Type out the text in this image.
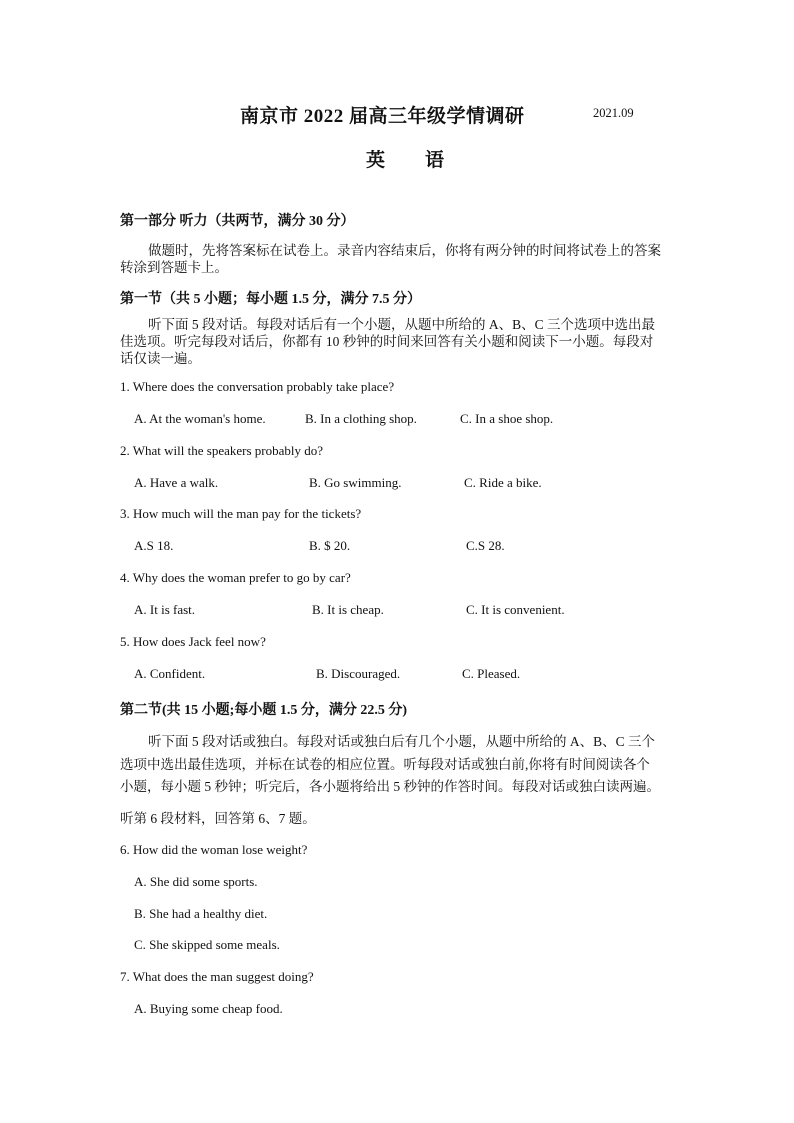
南京市 2022 届高三年级学情调研	2021.09
英 语
第一部分 听力（共两节，满分 30 分）
做题时，先将答案标在试卷上。录音内容结束后，你将有两分钟的时间将试卷上的答案
转涂到答题卡上。
第一节（共 5 小题；每小题 1.5 分，满分 7.5 分）
听下面 5 段对话。每段对话后有一个小题，从题中所给的 A、B、C 三个选项中选出最
佳选项。听完每段对话后，你都有 10 秒钟的时间来回答有关小题和阅读下一小题。每段对
话仅读一遍。
1. Where does the conversation probably take place?
A. At the woman's home.	B. In a clothing shop.	C. In a shoe shop.
2. What will the speakers probably do?
A. Have a walk.	B. Go swimming.	C. Ride a bike.
3. How much will the man pay for the tickets?
A.S 18.	B. $ 20.	C.S 28.
4. Why does the woman prefer to go by car?
A. It is fast.	B. It is cheap.	C. It is convenient.
5. How does Jack feel now?
A. Confident.	B. Discouraged.	C. Pleased.
第二节(共 15 小题;每小题 1.5 分，满分 22.5 分)
听下面 5 段对话或独白。每段对话或独白后有几个小题，从题中所给的 A、B、C 三个
选项中选出最佳选项，并标在试卷的相应位置。听每段对话或独白前,你将有时间阅读各个
小题，每小题 5 秒钟；听完后，各小题将给出 5 秒钟的作答时间。每段对话或独白读两遍。
听第 6 段材料，回答第 6、7 题。
6. How did the woman lose weight?
A. She did some sports.
B. She had a healthy diet.
C. She skipped some meals.
7. What does the man suggest doing?
A. Buying some cheap food.
